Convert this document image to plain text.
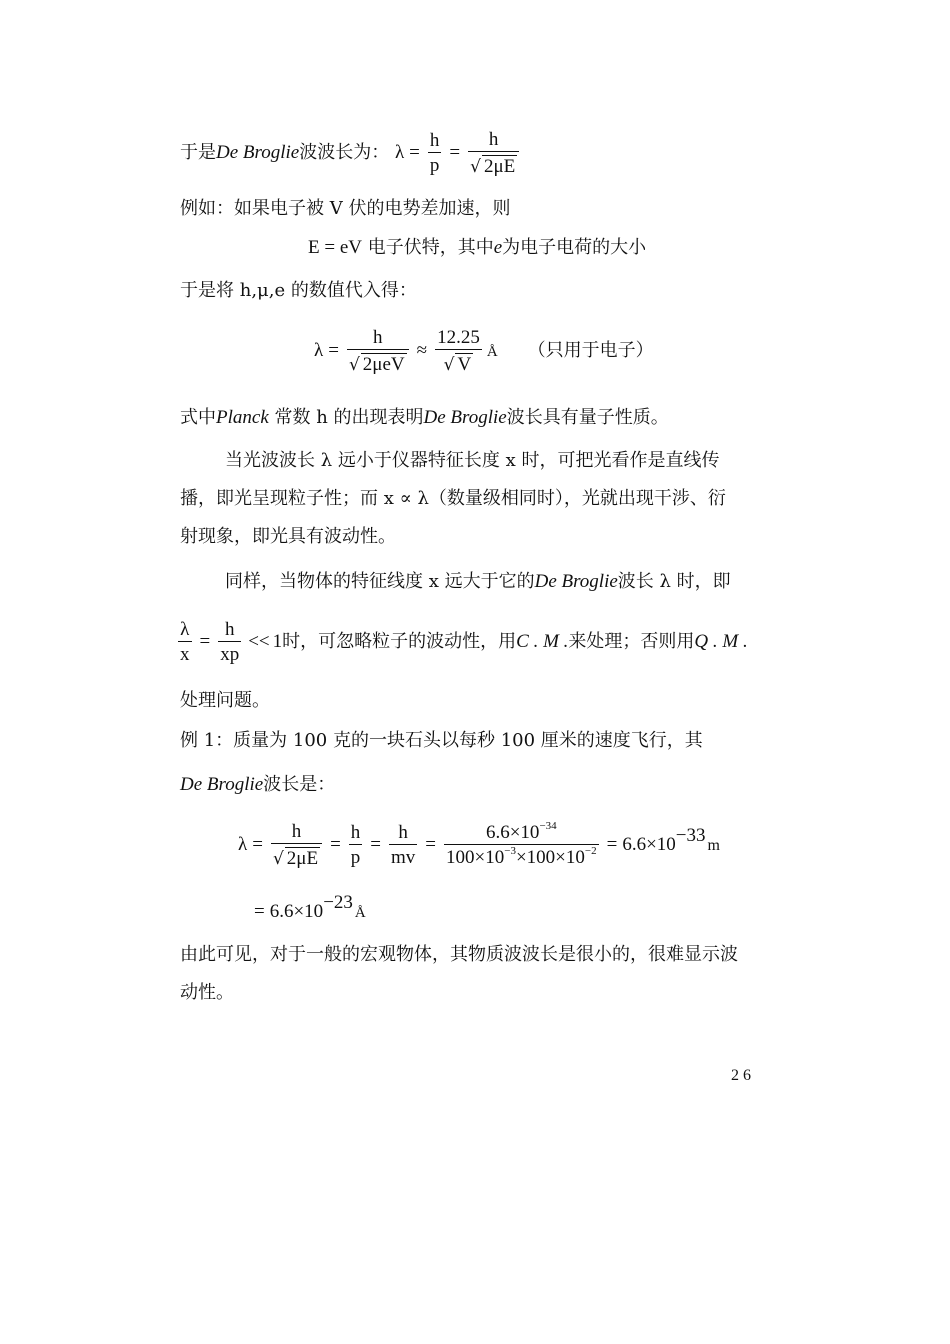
于是De Broglie波波长为： $\lambda = \frac{h}{p} = \frac{h}{√ 2\mu E}$
例如：如果电子被 V 伏的电势差加速，则
E = eV 电子伏特，其中e为电子电荷的大小
于是将 h,μ,e 的数值代入得：
$\lambda = \frac{h}{\text{√ 2μeV}} \approx \frac{12.25}{√ V}$ Å （只用于电子）
式中Planck 常数 h 的出现表明De Broglie波长具有量子性质。
当光波波长 λ 远小于仪器特征长度 x 时，可把光看作是直线传
播，即光呈现粒子性；而 x ∝ λ（数量级相同时），光就出现干涉、衍
射现象，即光具有波动性。
同样，当物体的特征线度 x 远大于它的De Broglie波长 λ 时，即
$\frac{\lambda}{x} = \frac{h}{xp} << 1$时，可忽略粒子的波动性，用C . M .来处理；否则用Q . M .
处理问题。
例 1：质量为 100 克的一块石头以每秒 100 厘米的速度飞行，其
De Broglie波长是：
$\lambda = \frac{h}{√ 2\mu E} = \frac{h}{p} = \frac{h}{mv} = \frac{6.6\times 10^{-34}}{100\times 10^{-3}\times 100\times 10^{-2}} = 6.6\times 10^{-33}$ m
= $6.6\times 10^{-23}$ Å
由此可见，对于一般的宏观物体，其物质波波长是很小的，很难显示波
动性。
26
